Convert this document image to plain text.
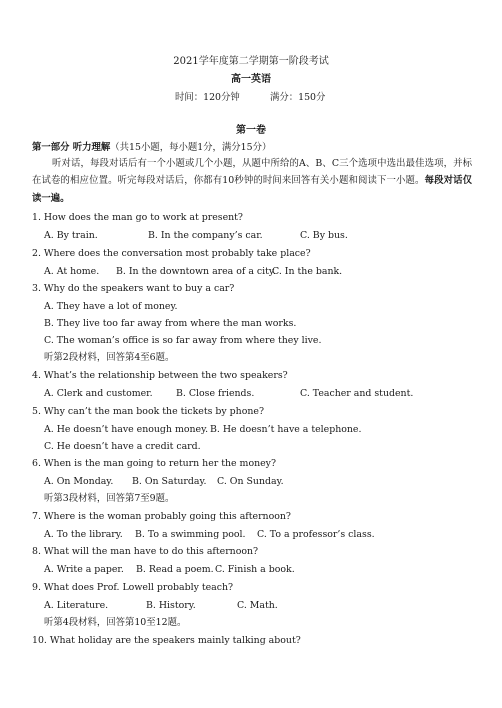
2021学年度第二学期第一阶段考试
高一英语
时间：120分钟	满分：150分
第一卷
第一部分 听力理解（共15小题，每小题1分，满分15分）
听对话，每段对话后有一个小题或几个小题，从题中所给的A、B、C三个选项中选出最佳选项，并标在试卷的相应位置。听完每段对话后，你都有10秒钟的时间来回答有关小题和阅读下一小题。每段对话仅读一遍。
1. How does the man go to work at present?
A. By train.	B. In the company’s car.	C. By bus.
2. Where does the conversation most probably take place?
A. At home. B. In the downtown area of a city.
C. In the bank.
3. Why do the speakers want to buy a car?
A. They have a lot of money.
B. They live too far away from where the man works.
C. The woman’s office is so far away from where they live.
听第2段材料，回答第4至6题。
4. What’s the relationship between the two speakers?
A. Clerk and customer. B. Close friends.	C. Teacher and student.
5. Why can’t the man book the tickets by phone?
A. He doesn’t have enough money. B. He doesn’t have a telephone.
C. He doesn’t have a credit card.
6. When is the man going to return her the money?
A. On Monday. B. On Saturday. C. On Sunday.
听第3段材料，回答第7至9题。
7. Where is the woman probably going this afternoon?
A. To the library. B. To a swimming pool. C. To a professor’s class.
8. What will the man have to do this afternoon?
A. Write a paper. B. Read a poem. C. Finish a book.
9. What does Prof. Lowell probably teach?
A. Literature.	B. History.	C. Math.
听第4段材料，回答第10至12题。
10. What holiday are the speakers mainly talking about?
